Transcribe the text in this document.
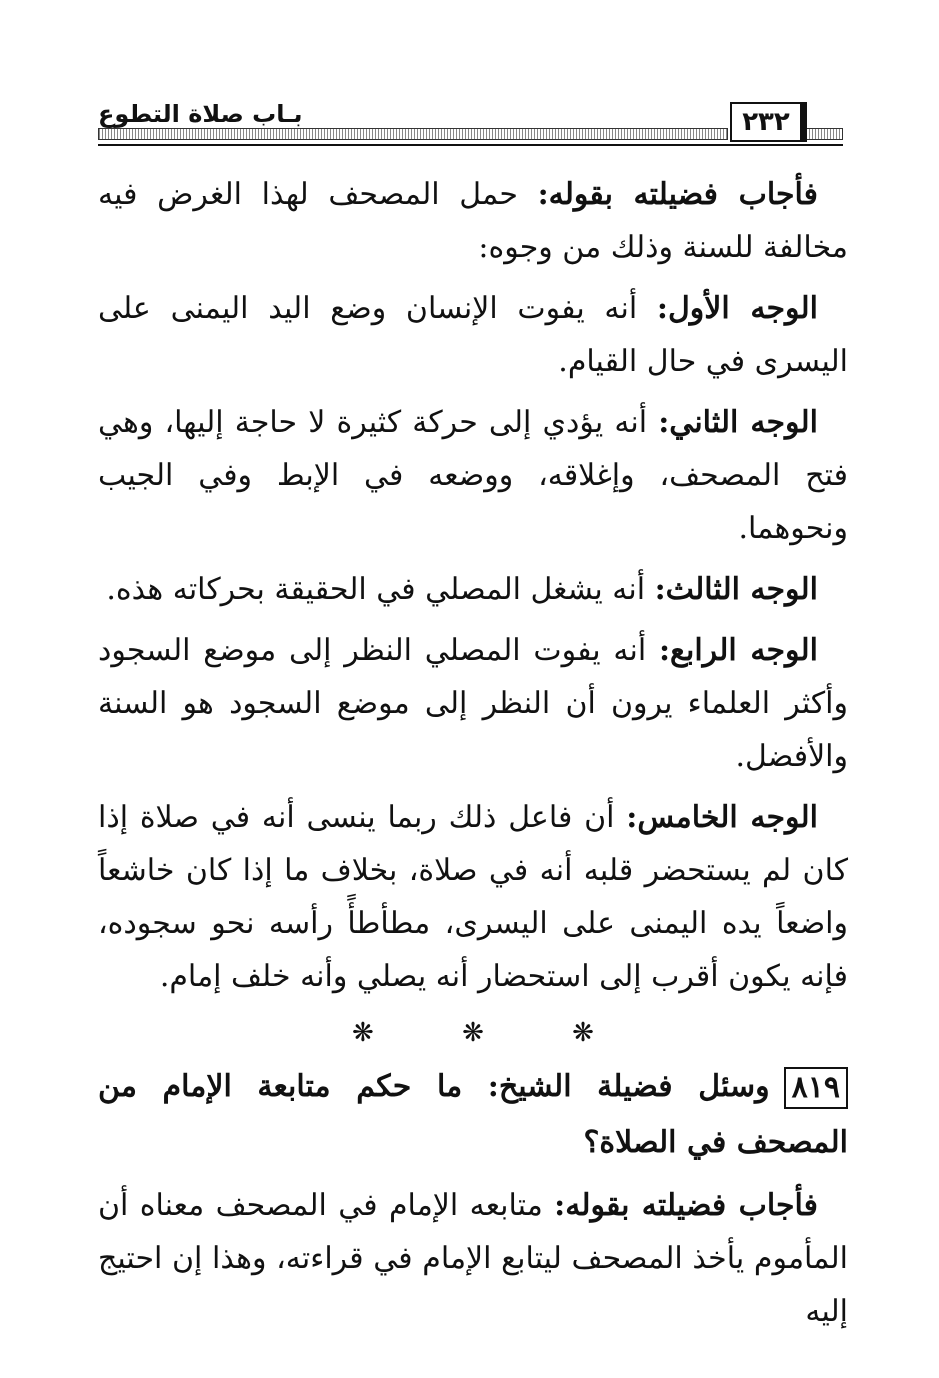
بـاب صلاة التطوع	٢٣٢

فأجاب فضيلته بقوله: حمل المصحف لهذا الغرض فيه مخالفة للسنة وذلك من وجوه:

الوجه الأول: أنه يفوت الإنسان وضع اليد اليمنى على اليسرى في حال القيام.

الوجه الثاني: أنه يؤدي إلى حركة كثيرة لا حاجة إليها، وهي فتح المصحف، وإغلاقه، ووضعه في الإبط وفي الجيب ونحوهما.

الوجه الثالث: أنه يشغل المصلي في الحقيقة بحركاته هذه.

الوجه الرابع: أنه يفوت المصلي النظر إلى موضع السجود وأكثر العلماء يرون أن النظر إلى موضع السجود هو السنة والأفضل.

الوجه الخامس: أن فاعل ذلك ربما ينسى أنه في صلاة إذا كان لم يستحضر قلبه أنه في صلاة، بخلاف ما إذا كان خاشعاً واضعاً يده اليمنى على اليسرى، مطأطأً رأسه نحو سجوده، فإنه يكون أقرب إلى استحضار أنه يصلي وأنه خلف إمام.

❋ ❋ ❋

٨١٩وسئل فضيلة الشيخ: ما حكم متابعة الإمام من المصحف في الصلاة؟

فأجاب فضيلته بقوله: متابعه الإمام في المصحف معناه أن المأموم يأخذ المصحف ليتابع الإمام في قراءته، وهذا إن احتيج إليه
